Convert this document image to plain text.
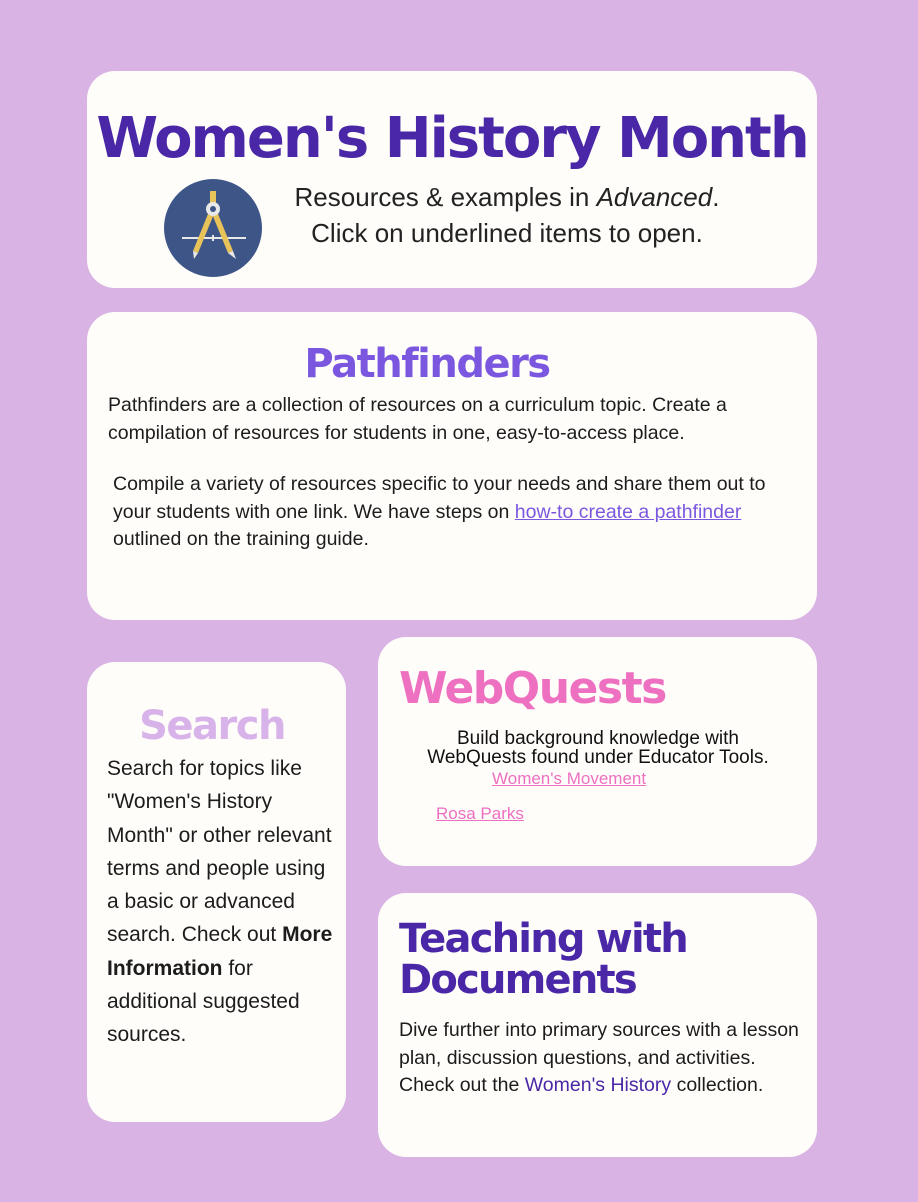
Women's History Month
Resources & examples in Advanced.
Click on underlined items to open.
Pathfinders
Pathfinders are a collection of resources on a curriculum topic. Create a compilation of resources for students in one, easy-to-access place.
Compile a variety of resources specific to your needs and share them out to your students with one link. We have steps on how-to create a pathfinder outlined on the training guide.
Search
Search for topics like "Women's History Month" or other relevant terms and people using a basic or advanced search. Check out More Information for additional suggested sources.
WebQuests
Build background knowledge with
WebQuests found under Educator Tools.
Women's Movement
Rosa Parks
Teaching with
Documents
Dive further into primary sources with a lesson plan, discussion questions, and activities. Check out the Women's History collection.
